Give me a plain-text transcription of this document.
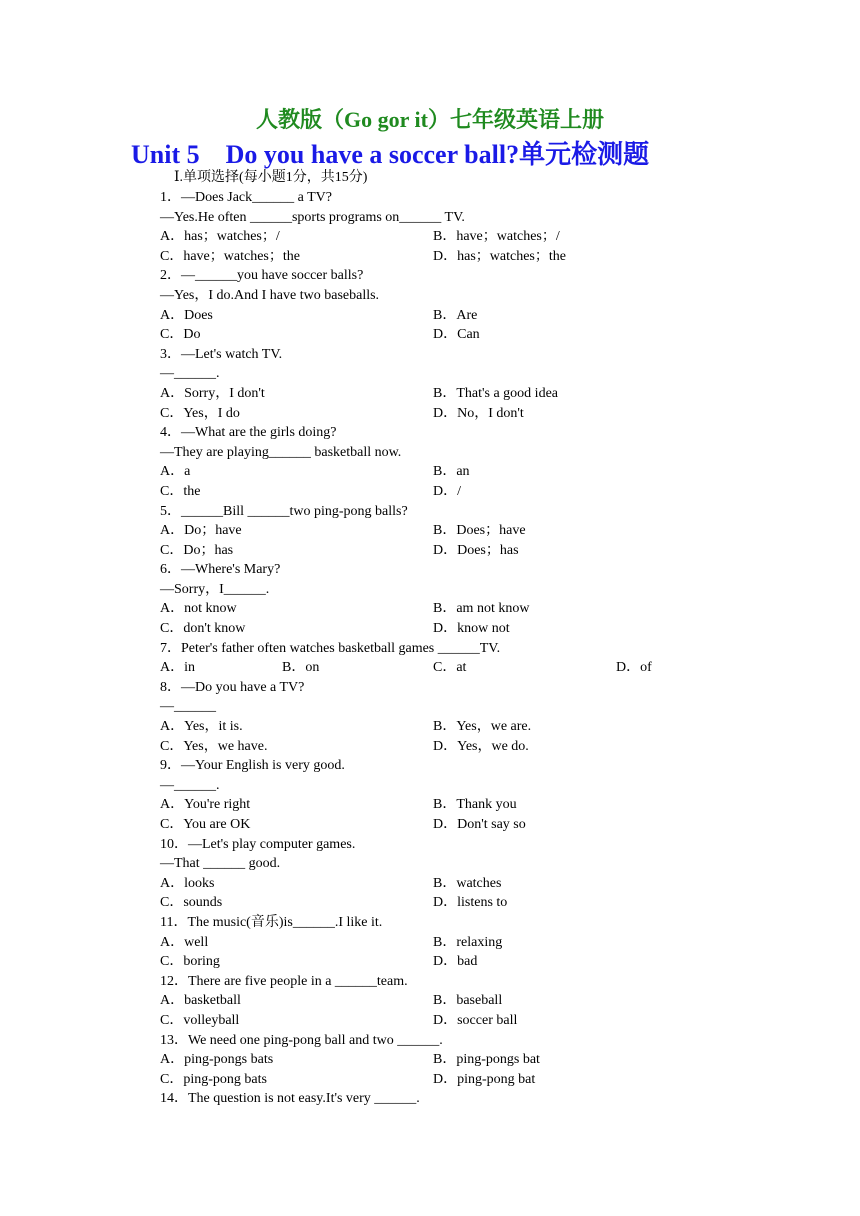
人教版（Go gor it）七年级英语上册
Unit 5　Do you have a soccer ball?单元检测题
Ⅰ.单项选择(每小题1分，共15分)
1．—Does Jack______ a TV?
—Yes.He often ______sports programs on______ TV.
A．has；watches；/	B．have；watches；/
C．have；watches；the	D．has；watches；the
2．—______you have soccer balls?
—Yes，I do.And I have two baseballs.
A．Does	B．Are
C．Do	D．Can
3．—Let's watch TV.
—______.
A．Sorry，I don't	B．That's a good idea
C．Yes，I do	D．No，I don't
4．—What are the girls doing?
—They are playing______ basketball now.
A．a	B．an
C．the	D．/
5．______Bill ______two ping-pong balls?
A．Do；have	B．Does；have
C．Do；has	D．Does；has
6．—Where's Mary?
—Sorry，I______.
A．not know	B．am not know
C．don't know	D．know not
7．Peter's father often watches basketball games ______TV.
A．in	B．on	C．at	D．of
8．—Do you have a TV?
—______
A．Yes，it is.	B．Yes，we are.
C．Yes，we have.	D．Yes，we do.
9．—Your English is very good.
—______.
A．You're right	B．Thank you
C．You are OK	D．Don't say so
10．—Let's play computer games.
—That ______ good.
A．looks	B．watches
C．sounds	D．listens to
11．The music(音乐)is______.I like it.
A．well	B．relaxing
C．boring	D．bad
12．There are five people in a ______team.
A．basketball	B．baseball
C．volleyball	D．soccer ball
13．We need one ping-pong ball and two ______.
A．ping-pongs bats	B．ping-pongs bat
C．ping-pong bats	D．ping-pong bat
14．The question is not easy.It's very ______.
